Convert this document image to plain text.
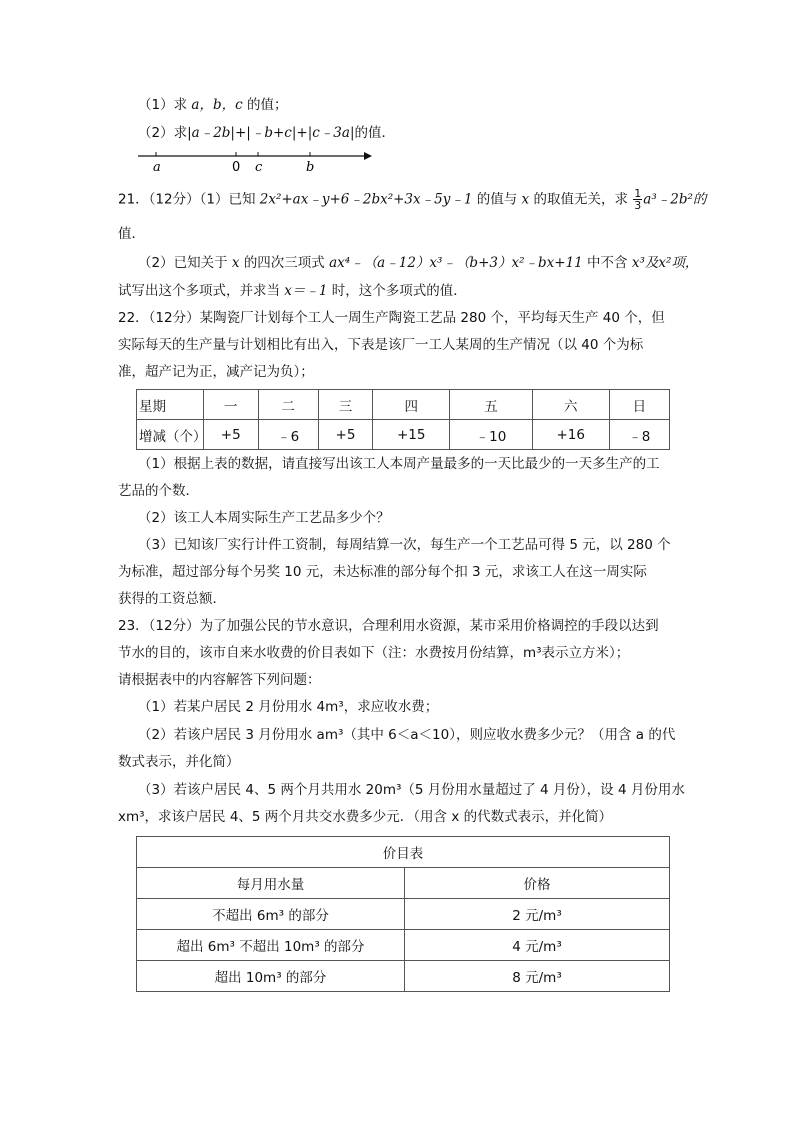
（1）求 a，b，c 的值；
（2）求|a﹣2b|+|﹣b+c|+|c﹣3a|的值．
a	0 c	b
21．（12分）（1）已知 2x²+ax﹣y+6﹣2bx²+3x﹣5y﹣1 的值与 x 的取值无关，求 $\frac{1}{3}$ a³﹣2b²的
值．
（2）已知关于 x 的四次三项式 ax⁴﹣（a﹣12）x³﹣（b+3）x²﹣bx+11 中不含 x³及x²项，
试写出这个多项式，并求当 x＝﹣1 时，这个多项式的值．
22．（12分）某陶瓷厂计划每个工人一周生产陶瓷工艺品 280 个，平均每天生产 40 个，但
实际每天的生产量与计划相比有出入，下表是该厂一工人某周的生产情况（以 40 个为标
准，超产记为正，减产记为负）；
星期	一	二	三	四	五	六	日
增减（个）	+5	﹣6	+5	+15	﹣10	+16	﹣8
（1）根据上表的数据，请直接写出该工人本周产量最多的一天比最少的一天多生产的工
艺品的个数．
（2）该工人本周实际生产工艺品多少个？
（3）已知该厂实行计件工资制，每周结算一次，每生产一个工艺品可得 5 元，以 280 个
为标准，超过部分每个另奖 10 元，未达标准的部分每个扣 3 元，求该工人在这一周实际
获得的工资总额．
23．（12分）为了加强公民的节水意识，合理利用水资源，某市采用价格调控的手段以达到
节水的目的，该市自来水收费的价目表如下（注：水费按月份结算，m³表示立方米）；
请根据表中的内容解答下列问题：
（1）若某户居民 2 月份用水 4m³，求应收水费；
（2）若该户居民 3 月份用水 am³（其中 6＜a＜10），则应收水费多少元？（用含 a 的代
数式表示，并化简）
（3）若该户居民 4、5 两个月共用水 20m³（5 月份用水量超过了 4 月份），设 4 月份用水
xm³，求该户居民 4、5 两个月共交水费多少元．（用含 x 的代数式表示，并化简）
价目表	
每月用水量	价格
不超出 6m³ 的部分	2 元/m³
超出 6m³ 不超出 10m³ 的部分	4 元/m³
超出 10m³ 的部分	8 元/m³
